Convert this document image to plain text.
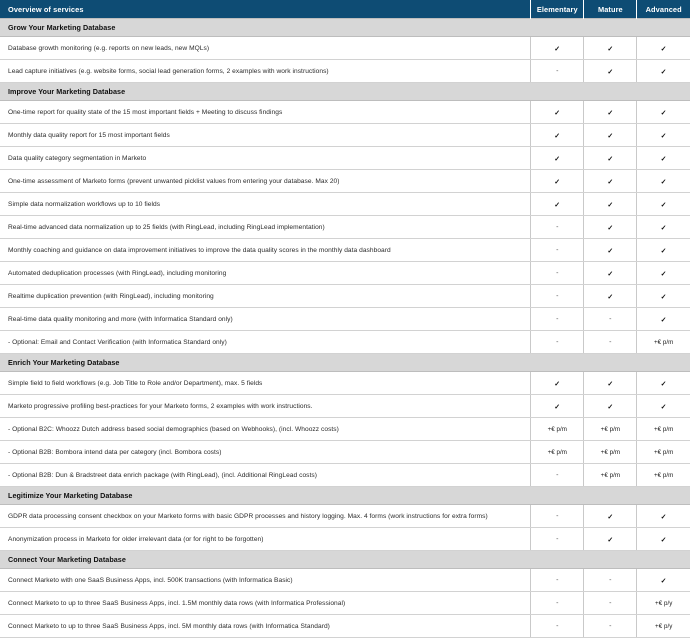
Overview of services	Elementary	Mature	Advanced
Grow Your Marketing Database			
Database growth monitoring (e.g. reports on new leads, new MQLs)	✓	✓	✓
Lead capture initiatives (e.g. website forms, social lead generation forms, 2 examples with work instructions)	-	✓	✓
Improve Your Marketing Database			
One-time report for quality state of the 15 most important fields + Meeting to discuss findings	✓	✓	✓
Monthly data quality report for 15 most important fields	✓	✓	✓
Data quality category segmentation in Marketo	✓	✓	✓
One-time assessment of Marketo forms (prevent unwanted picklist values from entering your database. Max 20)	✓	✓	✓
Simple data normalization workflows up to 10 fields	✓	✓	✓
Real-time advanced data normalization up to 25 fields (with RingLead, including RingLead implementation)	-	✓	✓
Monthly coaching and guidance on data improvement initiatives to improve the data quality scores in the monthly data dashboard	-	✓	✓
Automated deduplication processes (with RingLead), including monitoring	-	✓	✓
Realtime duplication prevention (with RingLead), including monitoring	-	✓	✓
Real-time data quality monitoring and more (with Informatica Standard only)	-	-	✓
- Optional: Email and Contact Verification (with Informatica Standard only)	-	-	+€ p/m
Enrich Your Marketing Database			
Simple field to field workflows (e.g. Job Title to Role and/or Department), max. 5 fields	✓	✓	✓
Marketo progressive profiling best-practices for your Marketo forms, 2 examples with work instructions.	✓	✓	✓
- Optional B2C: Whoozz Dutch address based social demographics (based on Webhooks), (incl. Whoozz costs)	+€ p/m	+€ p/m	+€ p/m
- Optional B2B: Bombora intend data per category (incl. Bombora costs)	+€ p/m	+€ p/m	+€ p/m
- Optional B2B: Dun & Bradstreet data enrich package (with RingLead), (incl. Additional RingLead costs)	-	+€ p/m	+€ p/m
Legitimize Your Marketing Database			
GDPR data processing consent checkbox on your Marketo forms with basic GDPR processes and history logging. Max. 4 forms (work instructions for extra forms)	-	✓	✓
Anonymization process in Marketo for older irrelevant data (or for right to be forgotten)	-	✓	✓
Connect Your Marketing Database			
Connect Marketo with one SaaS Business Apps, incl. 500K transactions (with Informatica Basic)	-	-	✓
Connect Marketo to up to three SaaS Business Apps, incl. 1.5M monthly data rows (with Informatica Professional)	-	-	+€ p/y
Connect Marketo to up to three SaaS Business Apps, incl. 5M monthly data rows (with Informatica Standard)	-	-	+€ p/y
